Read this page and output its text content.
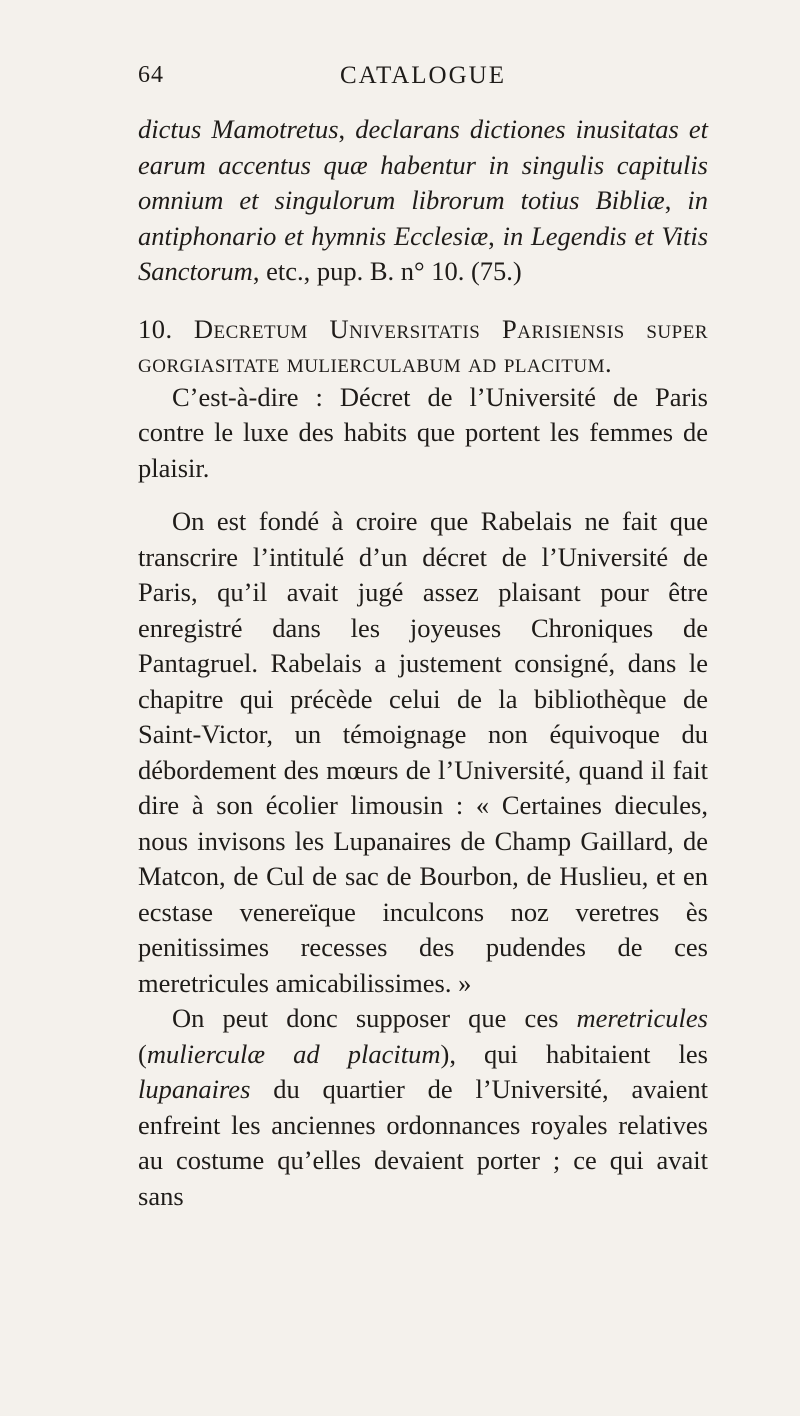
64	CATALOGUE

dictus Mamotretus, declarans dictiones inusitatas et earum accentus quæ habentur in singulis capitulis omnium et singulorum librorum totius Bibliæ, in antiphonario et hymnis Ecclesiæ, in Legendis et Vitis Sanctorum, etc., pup. B. n° 10. (75.)

10. Decretum Universitatis Parisiensis super gorgiasitate mulierculabum ad placitum.

C’est-à-dire : Décret de l’Université de Paris contre le luxe des habits que portent les femmes de plaisir.

On est fondé à croire que Rabelais ne fait que transcrire l’intitulé d’un décret de l’Université de Paris, qu’il avait jugé assez plaisant pour être enregistré dans les joyeuses Chroniques de Pantagruel. Rabelais a justement consigné, dans le chapitre qui précède celui de la bibliothèque de Saint-Victor, un témoignage non équivoque du débordement des mœurs de l’Université, quand il fait dire à son écolier limousin : « Certaines diecules, nous invisons les Lupanaires de Champ Gaillard, de Matcon, de Cul de sac de Bourbon, de Huslieu, et en ecstase venereïque inculcons noz veretres ès penitissimes recesses des pudendes de ces meretricules amicabilissimes. »

On peut donc supposer que ces meretricules (mulierculæ ad placitum), qui habitaient les lupanaires du quartier de l’Université, avaient enfreint les anciennes ordonnances royales relatives au costume qu’elles devaient porter ; ce qui avait sans
